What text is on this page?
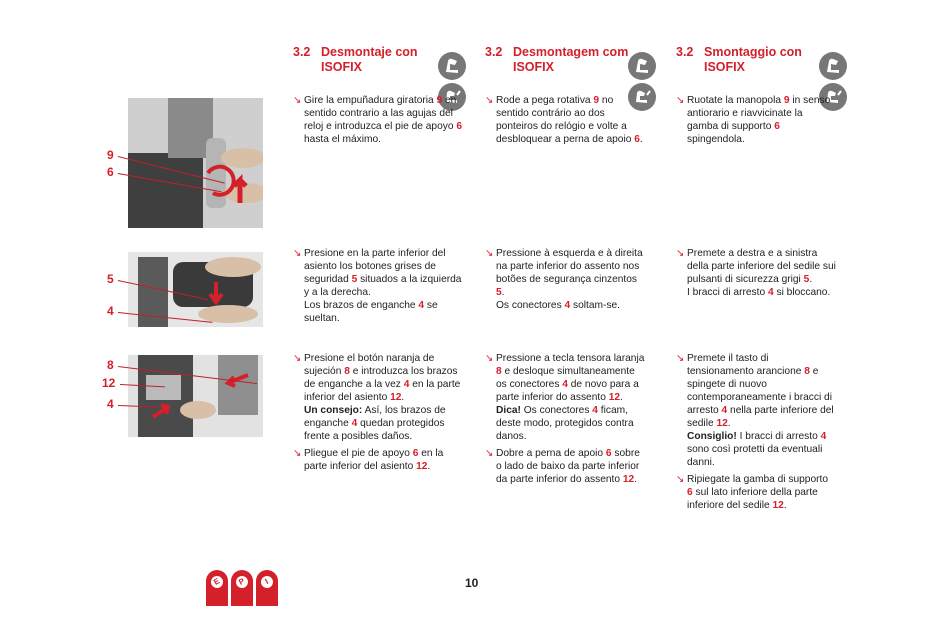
3.2 Desmontaje con ISOFIX
3.2 Desmontagem com ISOFIX
3.2 Smontaggio con ISOFIX
9
6
5
4
8
12
4
↘ Gire la empuñadura giratoria 9 en sentido contrario a las agujas del reloj e introduzca el pie de apoyo 6 hasta el máximo.
↘ Presione en la parte inferior del asiento los botones grises de seguridad 5 situados a la izquierda y a la derecha.
Los brazos de enganche 4 se sueltan.
↘ Presione el botón naranja de sujeción 8 e introduzca los brazos de enganche a la vez 4 en la parte inferior del asiento 12.
Un consejo: Así, los brazos de enganche 4 quedan protegidos frente a posibles daños.
↘ Pliegue el pie de apoyo 6 en la parte inferior del asiento 12.
↘ Rode a pega rotativa 9 no sentido contrário ao dos ponteiros do relógio e volte a desbloquear a perna de apoio 6.
↘ Pressione à esquerda e à direita na parte inferior do assento nos botões de segurança cinzentos 5.
Os conectores 4 soltam-se.
↘ Pressione a tecla tensora laranja 8 e desloque simultaneamente os conectores 4 de novo para a parte inferior do assento 12.
Dica! Os conectores 4 ficam, deste modo, protegidos contra danos.
↘ Dobre a perna de apoio 6 sobre o lado de baixo da parte inferior da parte inferior do assento 12.
↘ Ruotate la manopola 9 in senso antiorario e riavvicinate la gamba di supporto 6 spingendola.
↘ Premete a destra e a sinistra della parte inferiore del sedile sui pulsanti di sicurezza grigi 5.
I bracci di arresto 4 si bloccano.
↘ Premete il tasto di tensionamento arancione 8 e spingete di nuovo contemporaneamente i bracci di arresto 4 nella parte inferiore del sedile 12.
Consiglio! I bracci di arresto 4 sono così protetti da eventuali danni.
↘ Ripiegate la gamba di supporto 6 sul lato inferiore della parte inferiore del sedile 12.
10
E	P	I
